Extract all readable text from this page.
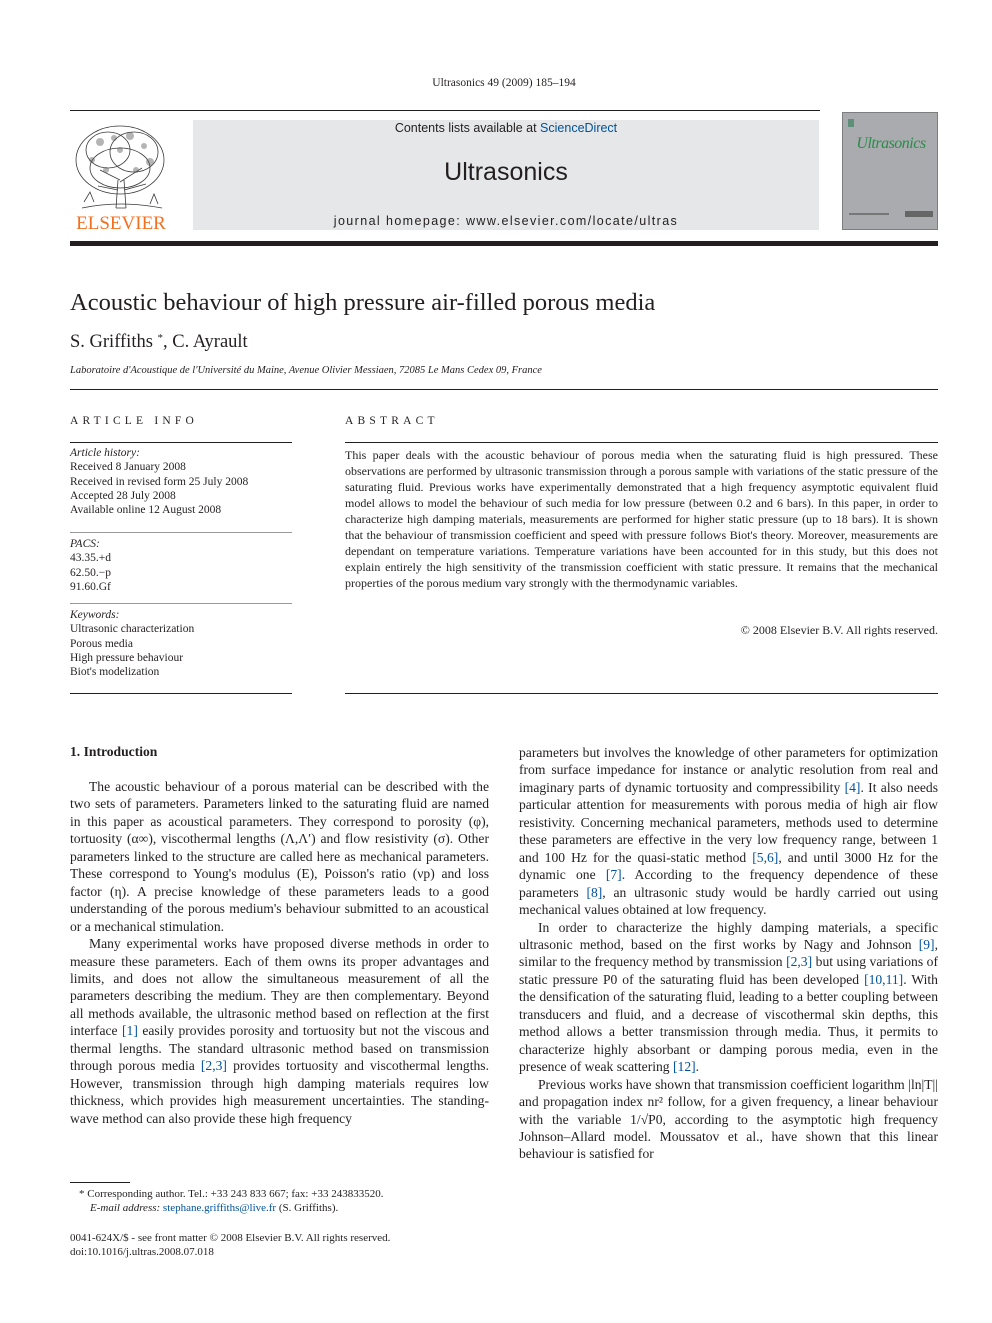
Ultrasonics 49 (2009) 185–194
ELSEVIER
Contents lists available at ScienceDirect
Ultrasonics
journal homepage: www.elsevier.com/locate/ultras
Ultrasonics
Acoustic behaviour of high pressure air-filled porous media
S. Griffiths *, C. Ayrault
Laboratoire d'Acoustique de l'Université du Maine, Avenue Olivier Messiaen, 72085 Le Mans Cedex 09, France
ARTICLE INFO
Article history:
Received 8 January 2008
Received in revised form 25 July 2008
Accepted 28 July 2008
Available online 12 August 2008
PACS:
43.35.+d
62.50.−p
91.60.Gf
Keywords:
Ultrasonic characterization
Porous media
High pressure behaviour
Biot's modelization
ABSTRACT
This paper deals with the acoustic behaviour of porous media when the saturating fluid is high pressured. These observations are performed by ultrasonic transmission through a porous sample with variations of the static pressure of the saturating fluid. Previous works have experimentally demonstrated that a high frequency asymptotic equivalent fluid model allows to model the behaviour of such media for low pressure (between 0.2 and 6 bars). In this paper, in order to characterize high damping materials, measurements are performed for higher static pressure (up to 18 bars). It is shown that the behaviour of transmission coefficient and speed with pressure follows Biot's theory. Moreover, measurements are dependant on temperature variations. Temperature variations have been accounted for in this study, but this does not explain entirely the high sensitivity of the transmission coefficient with static pressure. It remains that the mechanical properties of the porous medium vary strongly with the thermodynamic variables.
© 2008 Elsevier B.V. All rights reserved.
1. Introduction

The acoustic behaviour of a porous material can be described with the two sets of parameters. Parameters linked to the saturating fluid are named in this paper as acoustical parameters. They correspond to porosity (φ), tortuosity (α∞), viscothermal lengths (Λ,Λ′) and flow resistivity (σ). Other parameters linked to the structure are called here as mechanical parameters. These correspond to Young's modulus (E), Poisson's ratio (νp) and loss factor (η). A precise knowledge of these parameters leads to a good understanding of the porous medium's behaviour submitted to an acoustical or a mechanical stimulation.

Many experimental works have proposed diverse methods in order to measure these parameters. Each of them owns its proper advantages and limits, and does not allow the simultaneous measurement of all the parameters describing the medium. They are then complementary. Beyond all methods available, the ultrasonic method based on reflection at the first interface [1] easily provides porosity and tortuosity but not the viscous and thermal lengths. The standard ultrasonic method based on transmission through porous media [2,3] provides tortuosity and viscothermal lengths. However, transmission through high damping materials requires low thickness, which provides high measurement uncertainties. The standing-wave method can also provide these high frequency

parameters but involves the knowledge of other parameters for optimization from surface impedance for instance or analytic resolution from real and imaginary parts of dynamic tortuosity and compressibility [4]. It also needs particular attention for measurements with porous media of high air flow resistivity. Concerning mechanical parameters, methods used to determine these parameters are effective in the very low frequency range, between 1 and 100 Hz for the quasi-static method [5,6], and until 3000 Hz for the dynamic one [7]. According to the frequency dependence of these parameters [8], an ultrasonic study would be hardly carried out using mechanical values obtained at low frequency.

In order to characterize the highly damping materials, a specific ultrasonic method, based on the first works by Nagy and Johnson [9], similar to the frequency method by transmission [2,3] but using variations of static pressure P0 of the saturating fluid has been developed [10,11]. With the densification of the saturating fluid, leading to a better coupling between transducers and fluid, and a decrease of viscothermal skin depths, this method allows a better transmission through media. Thus, it permits to characterize highly absorbant or damping porous media, even in the presence of weak scattering [12].

Previous works have shown that transmission coefficient logarithm |ln|T|| and propagation index nr² follow, for a given frequency, a linear behaviour with the variable 1/√P0, according to the asymptotic high frequency Johnson–Allard model. Moussatov et al., have shown that this linear behaviour is satisfied for

* Corresponding author. Tel.: +33 243 833 667; fax: +33 243833520.
E-mail address: stephane.griffiths@live.fr (S. Griffiths).
0041-624X/$ - see front matter © 2008 Elsevier B.V. All rights reserved.
doi:10.1016/j.ultras.2008.07.018
